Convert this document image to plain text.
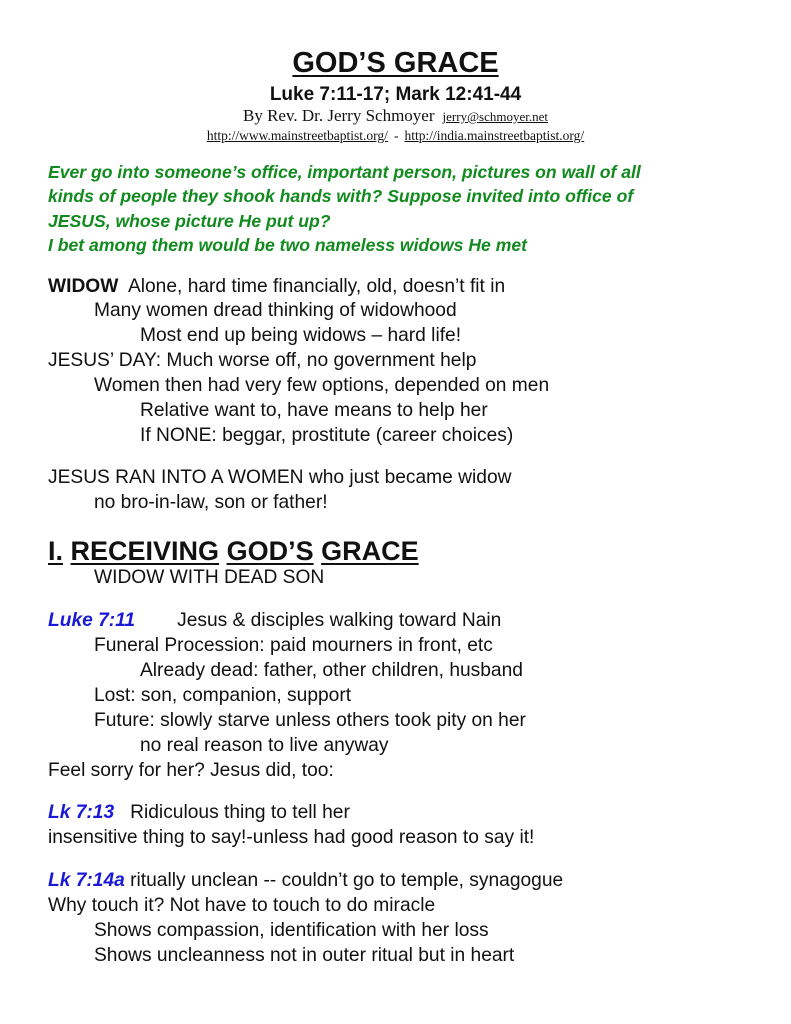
GOD’S GRACE
Luke 7:11-17; Mark 12:41-44
By Rev. Dr. Jerry Schmoyer jerry@schmoyer.net
http://www.mainstreetbaptist.org/ - http://india.mainstreetbaptist.org/
Ever go into someone’s office, important person, pictures on wall of all
kinds of people they shook hands with? Suppose invited into office of
JESUS, whose picture He put up?
I bet among them would be two nameless widows He met
WIDOW Alone, hard time financially, old, doesn’t fit in
Many women dread thinking of widowhood
Most end up being widows – hard life!
JESUS’ DAY: Much worse off, no government help
Women then had very few options, depended on men
Relative want to, have means to help her
If NONE: beggar, prostitute (career choices)
JESUS RAN INTO A WOMEN who just became widow
no bro-in-law, son or father!
I. RECEIVING GOD’S GRACE
WIDOW WITH DEAD SON
Luke 7:11 Jesus & disciples walking toward Nain
Funeral Procession: paid mourners in front, etc
Already dead: father, other children, husband
Lost: son, companion, support
Future: slowly starve unless others took pity on her
no real reason to live anyway
Feel sorry for her? Jesus did, too:
Lk 7:13 Ridiculous thing to tell her
insensitive thing to say!-unless had good reason to say it!
Lk 7:14a ritually unclean -- couldn’t go to temple, synagogue
Why touch it? Not have to touch to do miracle
Shows compassion, identification with her loss
Shows uncleanness not in outer ritual but in heart
